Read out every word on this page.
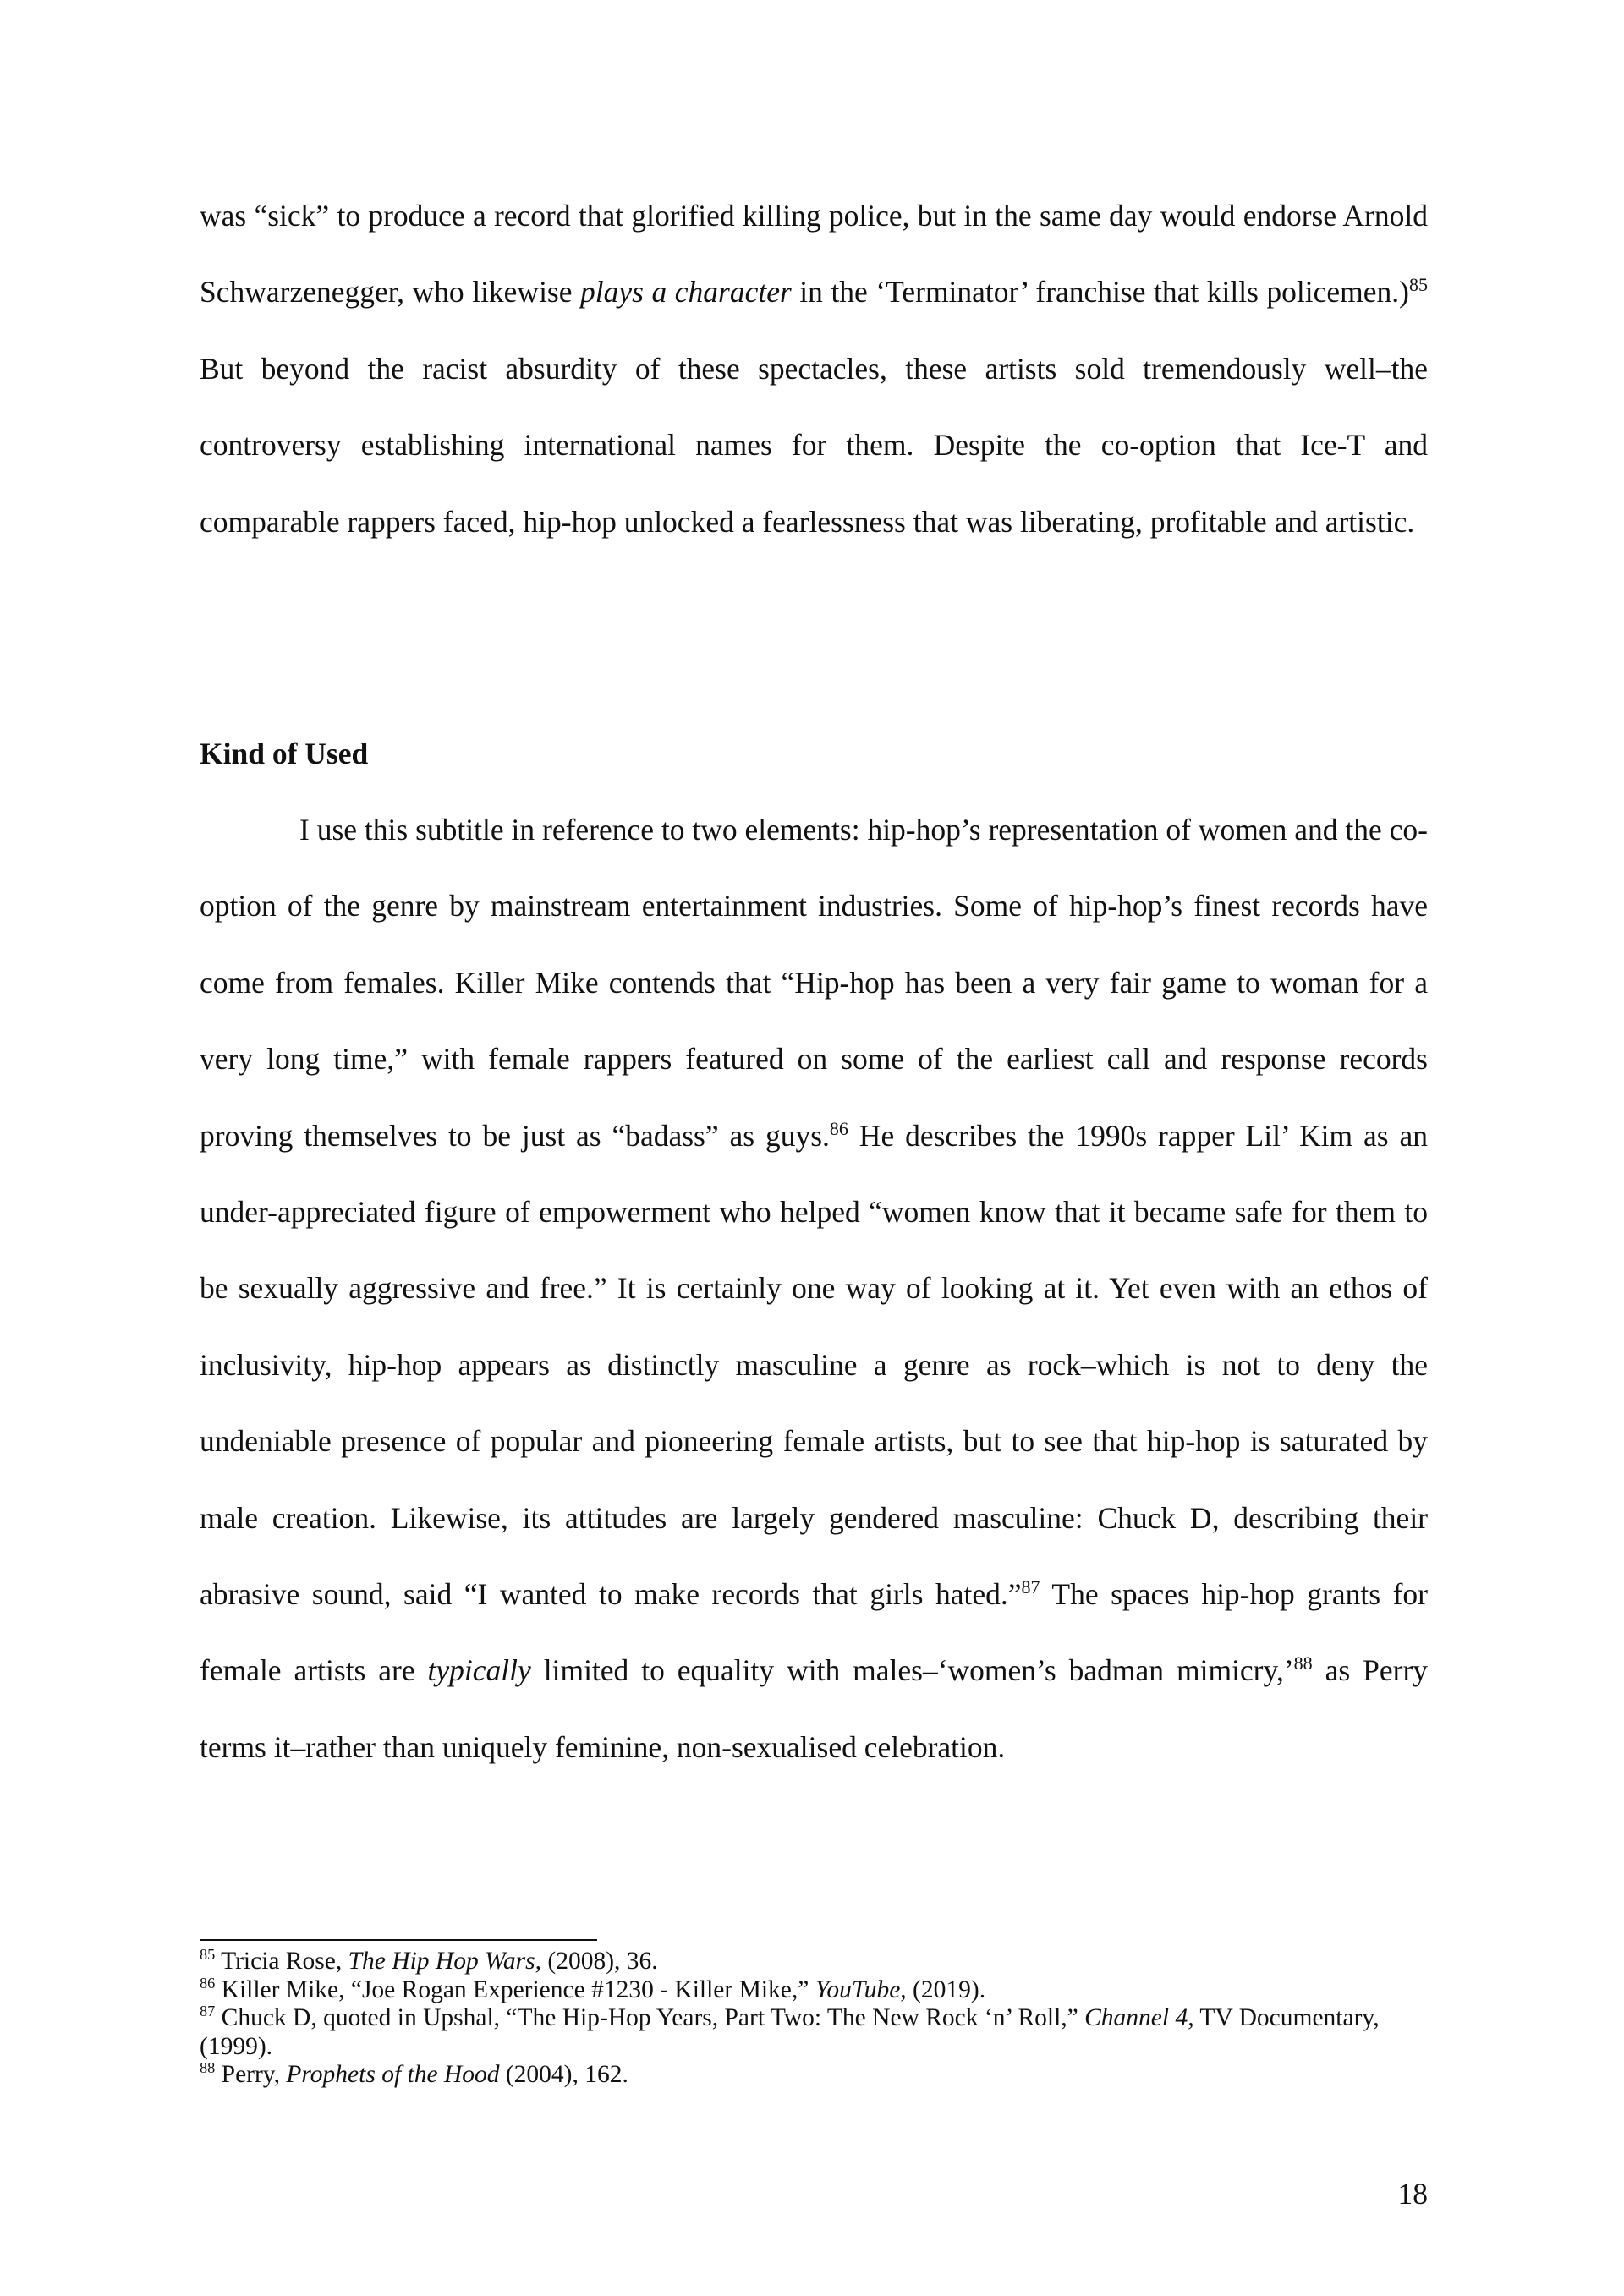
was “sick” to produce a record that glorified killing police, but in the same day would endorse Arnold Schwarzenegger, who likewise plays a character in the ‘Terminator’ franchise that kills policemen.)$^{85}$ But beyond the racist absurdity of these spectacles, these artists sold tremendously well–the controversy establishing international names for them. Despite the co-option that Ice-T and comparable rappers faced, hip-hop unlocked a fearlessness that was liberating, profitable and artistic.

Kind of Used

I use this subtitle in reference to two elements: hip-hop’s representation of women and the co-option of the genre by mainstream entertainment industries. Some of hip-hop’s finest records have come from females. Killer Mike contends that “Hip-hop has been a very fair game to woman for a very long time,” with female rappers featured on some of the earliest call and response records proving themselves to be just as “badass” as guys.$^{86}$ He describes the 1990s rapper Lil’ Kim as an under-appreciated figure of empowerment who helped “women know that it became safe for them to be sexually aggressive and free.” It is certainly one way of looking at it. Yet even with an ethos of inclusivity, hip-hop appears as distinctly masculine a genre as rock–which is not to deny the undeniable presence of popular and pioneering female artists, but to see that hip-hop is saturated by male creation. Likewise, its attitudes are largely gendered masculine: Chuck D, describing their abrasive sound, said “I wanted to make records that girls hated.”$^{87}$ The spaces hip-hop grants for female artists are typically limited to equality with males–‘women’s badman mimicry,’$^{88}$ as Perry terms it–rather than uniquely feminine, non-sexualised celebration.

$^{85}$ Tricia Rose, The Hip Hop Wars, (2008), 36.

$^{86}$ Killer Mike, “Joe Rogan Experience #1230 - Killer Mike,” YouTube, (2019).

$^{87}$ Chuck D, quoted in Upshal, “The Hip-Hop Years, Part Two: The New Rock ‘n’ Roll,” Channel 4, TV Documentary, (1999).

$^{88}$ Perry, Prophets of the Hood (2004), 162.

18
